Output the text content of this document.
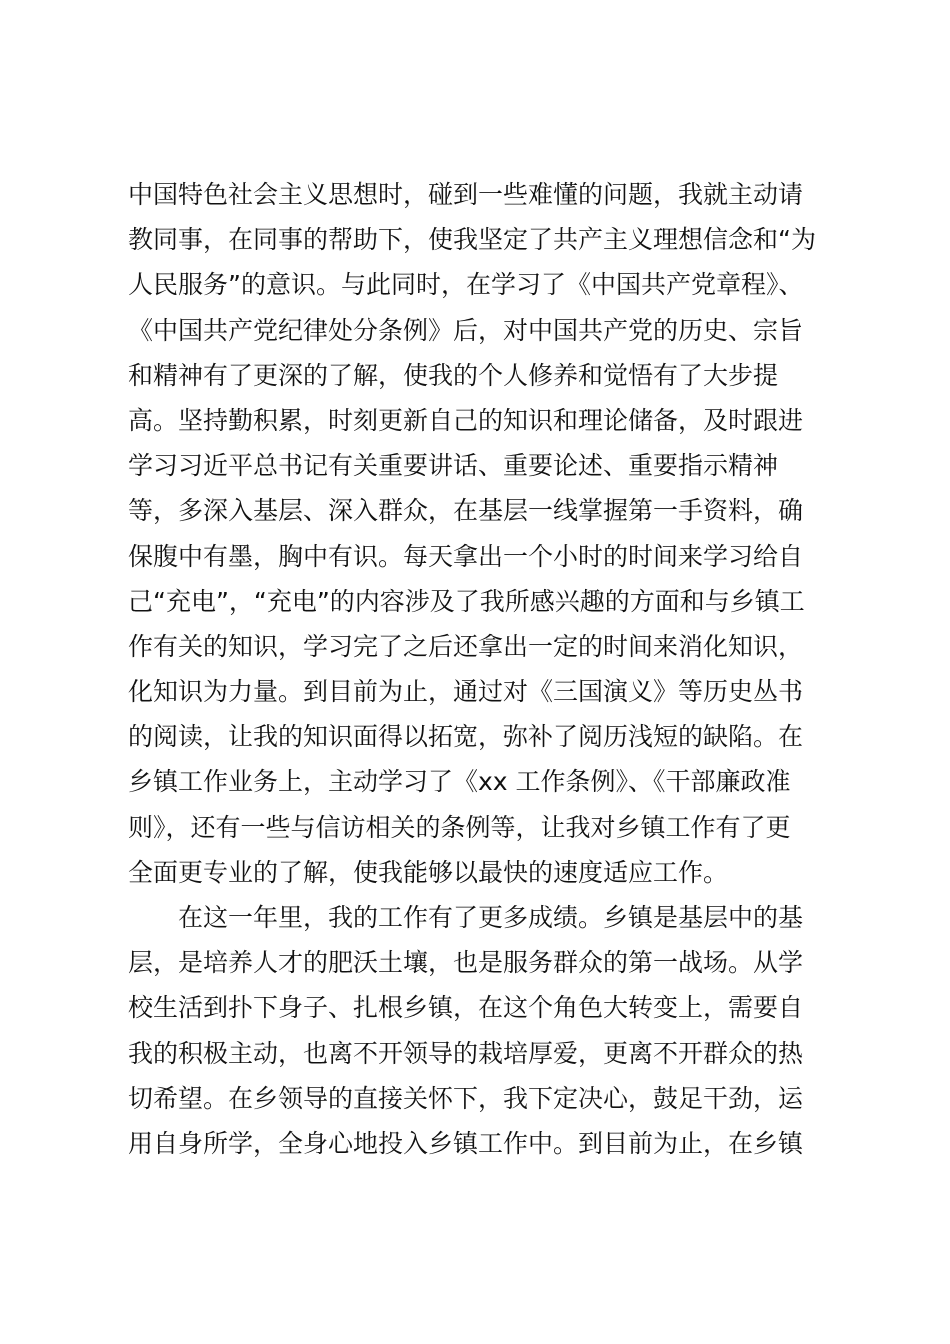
中国特色社会主义思想时，碰到一些难懂的问题，我就主动请
教同事，在同事的帮助下，使我坚定了共产主义理想信念和“为
人民服务”的意识。与此同时，在学习了《中国共产党章程》、
《中国共产党纪律处分条例》后，对中国共产党的历史、宗旨
和精神有了更深的了解，使我的个人修养和觉悟有了大步提
高。坚持勤积累，时刻更新自己的知识和理论储备，及时跟进
学习习近平总书记有关重要讲话、重要论述、重要指示精神
等，多深入基层、深入群众，在基层一线掌握第一手资料，确
保腹中有墨，胸中有识。每天拿出一个小时的时间来学习给自
己“充电”，“充电”的内容涉及了我所感兴趣的方面和与乡镇工
作有关的知识，学习完了之后还拿出一定的时间来消化知识，
化知识为力量。到目前为止，通过对《三国演义》等历史丛书
的阅读，让我的知识面得以拓宽，弥补了阅历浅短的缺陷。在
乡镇工作业务上，主动学习了《xx 工作条例》、《干部廉政准
则》，还有一些与信访相关的条例等，让我对乡镇工作有了更
全面更专业的了解，使我能够以最快的速度适应工作。
在这一年里，我的工作有了更多成绩。乡镇是基层中的基
层，是培养人才的肥沃土壤，也是服务群众的第一战场。从学
校生活到扑下身子、扎根乡镇，在这个角色大转变上，需要自
我的积极主动，也离不开领导的栽培厚爱，更离不开群众的热
切希望。在乡领导的直接关怀下，我下定决心，鼓足干劲，运
用自身所学，全身心地投入乡镇工作中。到目前为止，在乡镇
